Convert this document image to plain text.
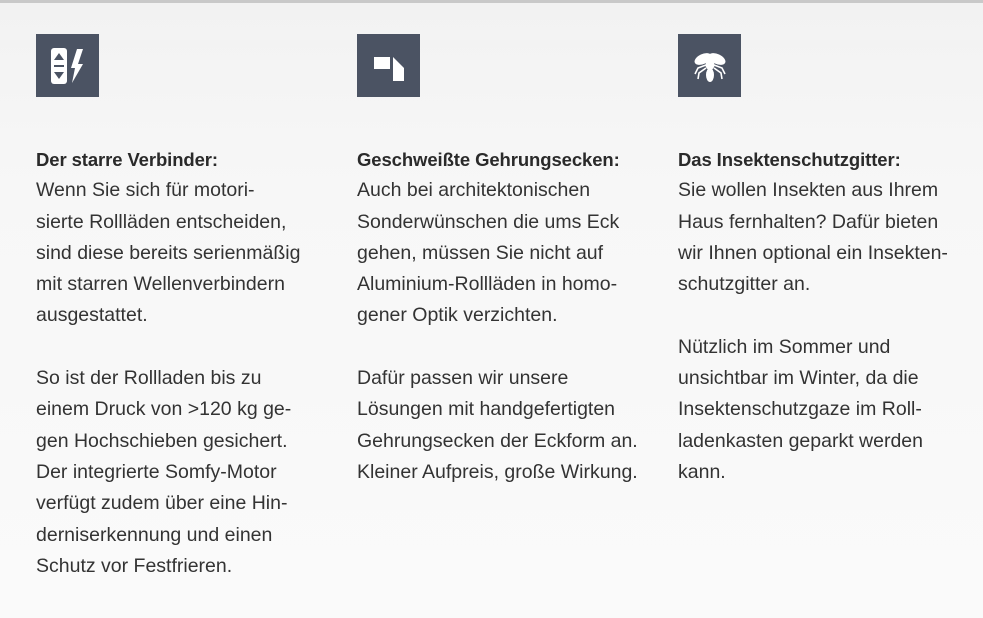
Der starre Verbinder:
Wenn Sie sich für motori-
sierte Rollläden entscheiden,
sind diese bereits serienmäßig
mit starren Wellenverbindern
ausgestattet.
So ist der Rollladen bis zu
einem Druck von >120 kg ge-
gen Hochschieben gesichert.
Der integrierte Somfy-Motor
verfügt zudem über eine Hin-
derniserkennung und einen
Schutz vor Festfrieren.
Geschweißte Gehrungsecken:
Auch bei architektonischen
Sonderwünschen die ums Eck
gehen, müssen Sie nicht auf
Aluminium-Rollläden in homo-
gener Optik verzichten.
Dafür passen wir unsere
Lösungen mit handgefertigten
Gehrungsecken der Eckform an.
Kleiner Aufpreis, große Wirkung.
Das Insektenschutzgitter:
Sie wollen Insekten aus Ihrem
Haus fernhalten? Dafür bieten
wir Ihnen optional ein Insekten-
schutzgitter an.
Nützlich im Sommer und
unsichtbar im Winter, da die
Insektenschutzgaze im Roll-
ladenkasten geparkt werden
kann.
